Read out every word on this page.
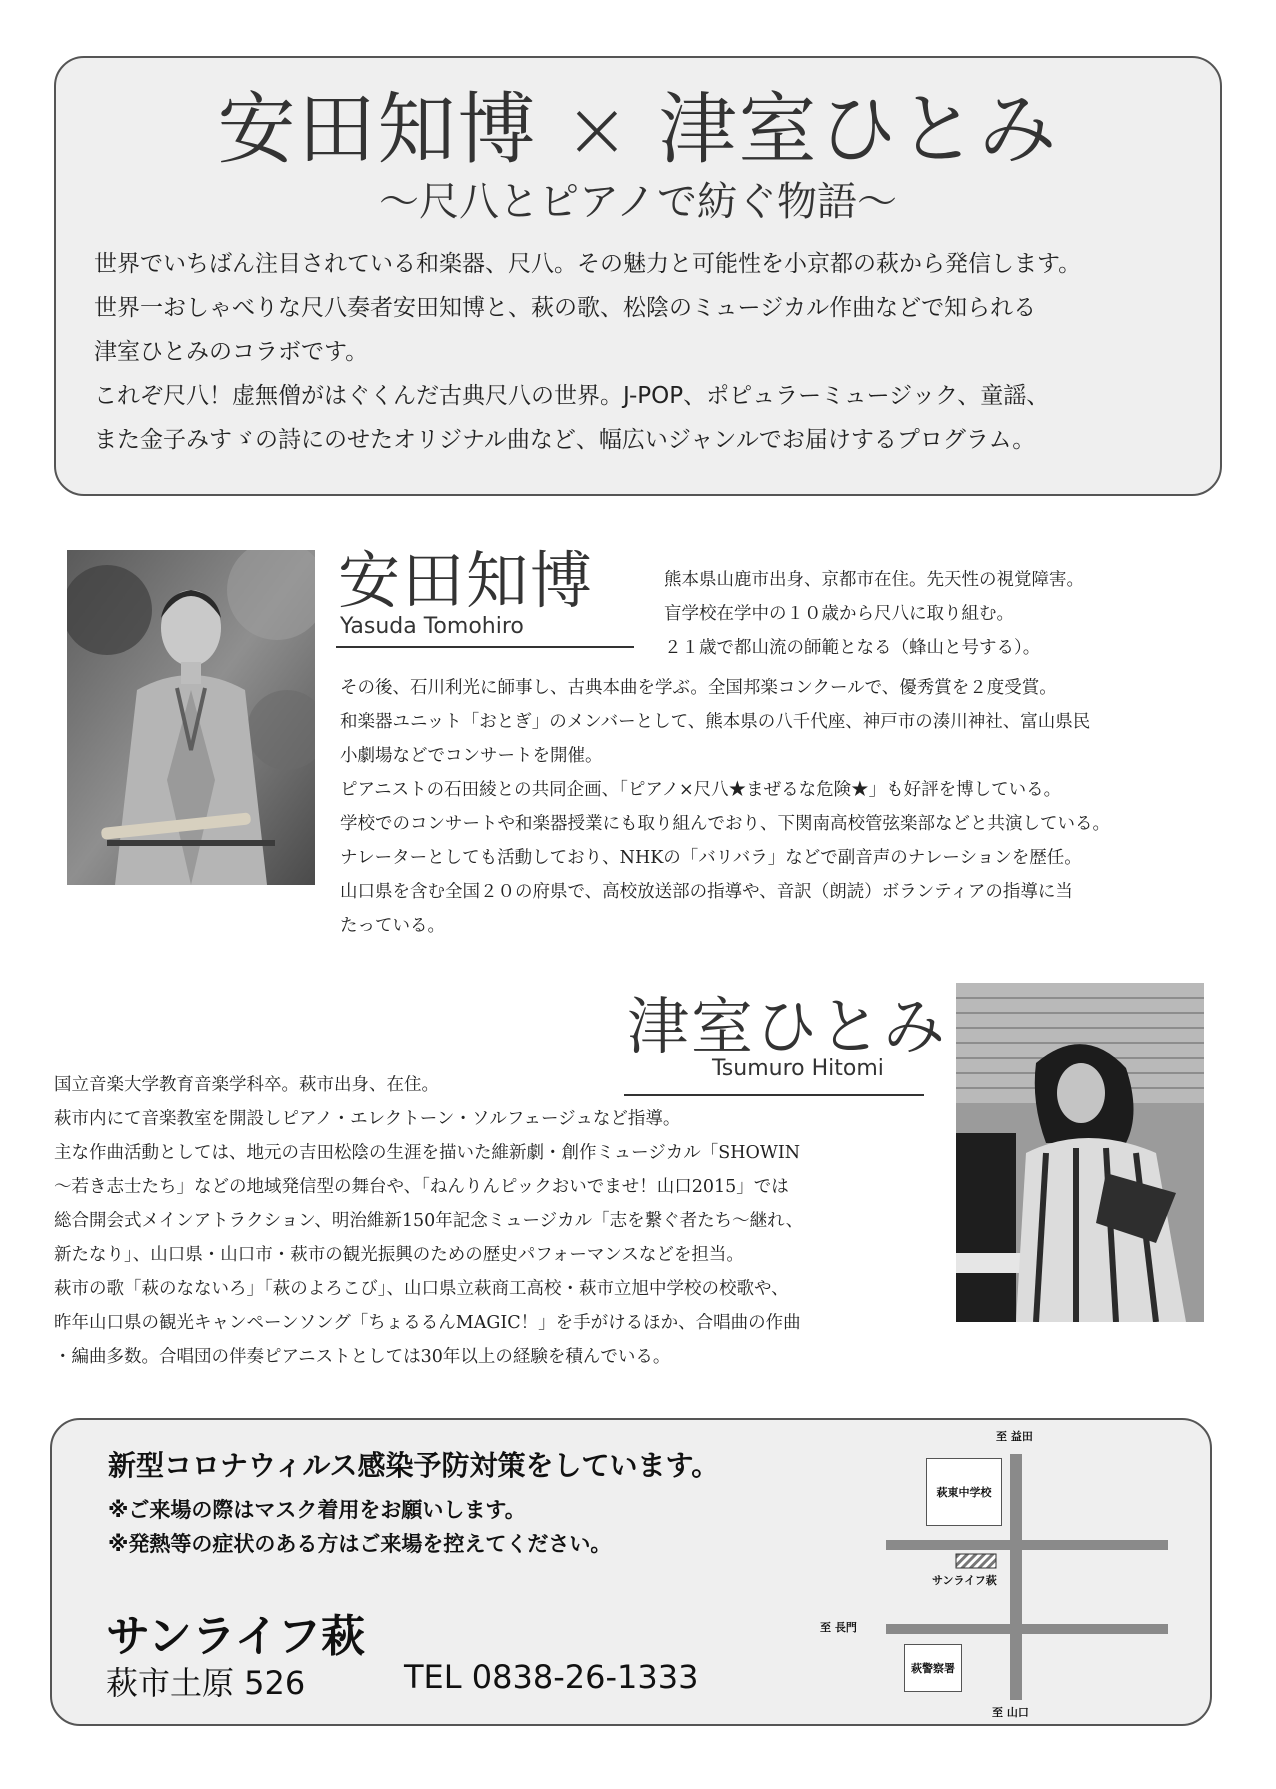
安田知博 × 津室ひとみ
～尺八とピアノで紡ぐ物語～
世界でいちばん注目されている和楽器、尺八。その魅力と可能性を小京都の萩から発信します。
世界一おしゃべりな尺八奏者安田知博と、萩の歌、松陰のミュージカル作曲などで知られる
津室ひとみのコラボです。
これぞ尺八！虚無僧がはぐくんだ古典尺八の世界。J-POP、ポピュラーミュージック、童謡、
また金子みすゞの詩にのせたオリジナル曲など、幅広いジャンルでお届けするプログラム。
安田知博
Yasuda Tomohiro
熊本県山鹿市出身、京都市在住。先天性の視覚障害。
盲学校在学中の１０歳から尺八に取り組む。
２１歳で都山流の師範となる（蜂山と号する）。
その後、石川利光に師事し、古典本曲を学ぶ。全国邦楽コンクールで、優秀賞を２度受賞。
和楽器ユニット「おとぎ」のメンバーとして、熊本県の八千代座、神戸市の湊川神社、富山県民
小劇場などでコンサートを開催。
ピアニストの石田綾との共同企画、「ピアノ×尺八★まぜるな危険★」も好評を博している。
学校でのコンサートや和楽器授業にも取り組んでおり、下関南高校管弦楽部などと共演している。
ナレーターとしても活動しており、NHKの「バリバラ」などで副音声のナレーションを歴任。
山口県を含む全国２０の府県で、高校放送部の指導や、音訳（朗読）ボランティアの指導に当
たっている。
津室ひとみ
Tsumuro Hitomi
国立音楽大学教育音楽学科卒。萩市出身、在住。
萩市内にて音楽教室を開設しピアノ・エレクトーン・ソルフェージュなど指導。
主な作曲活動としては、地元の吉田松陰の生涯を描いた維新劇・創作ミュージカル「SHOWIN
～若き志士たち」などの地域発信型の舞台や、「ねんりんピックおいでませ！山口2015」では
総合開会式メインアトラクション、明治維新150年記念ミュージカル「志を繋ぐ者たち～継れ、
新たなり」、山口県・山口市・萩市の観光振興のための歴史パフォーマンスなどを担当。
萩市の歌「萩のなないろ」「萩のよろこび」、山口県立萩商工高校・萩市立旭中学校の校歌や、
昨年山口県の観光キャンペーンソング「ちょるるんMAGIC！」を手がけるほか、合唱曲の作曲
・編曲多数。合唱団の伴奏ピアニストとしては30年以上の経験を積んでいる。
新型コロナウィルス感染予防対策をしています。
※ご来場の際はマスク着用をお願いします。
※発熱等の症状のある方はご来場を控えてください。
サンライフ萩
萩市土原 526	TEL 0838-26-1333
至 益田
至 山口
至 長門
萩東中学校
サンライフ萩
萩警察署
